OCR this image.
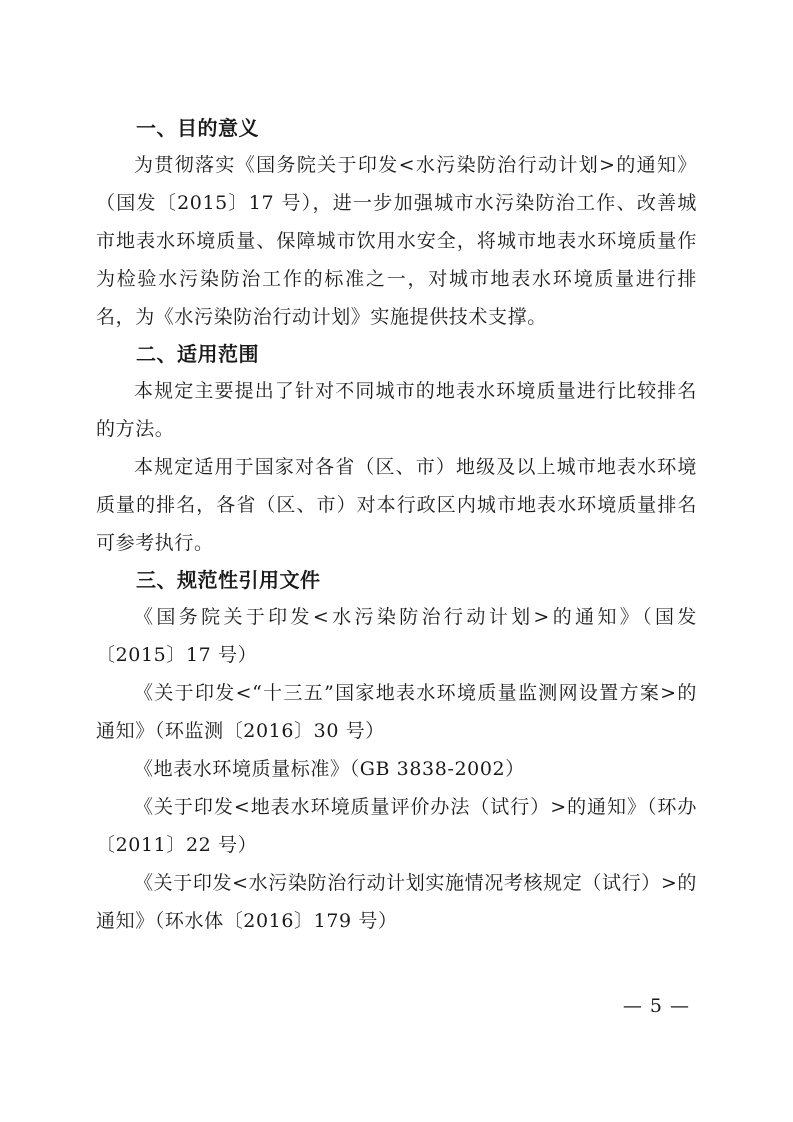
一、目的意义

为贯彻落实《国务院关于印发<水污染防治行动计划>的通知》（国发〔2015〕17 号），进一步加强城市水污染防治工作、改善城市地表水环境质量、保障城市饮用水安全，将城市地表水环境质量作为检验水污染防治工作的标准之一，对城市地表水环境质量进行排名，为《水污染防治行动计划》实施提供技术支撑。

二、适用范围

本规定主要提出了针对不同城市的地表水环境质量进行比较排名的方法。

本规定适用于国家对各省（区、市）地级及以上城市地表水环境质量的排名，各省（区、市）对本行政区内城市地表水环境质量排名可参考执行。

三、规范性引用文件

《国务院关于印发<水污染防治行动计划>的通知》（国发〔2015〕17 号）

《关于印发<“十三五”国家地表水环境质量监测网设置方案>的通知》（环监测〔2016〕30 号）

《地表水环境质量标准》（GB 3838-2002）

《关于印发<地表水环境质量评价办法（试行）>的通知》（环办〔2011〕22 号）

《关于印发<水污染防治行动计划实施情况考核规定（试行）>的通知》（环水体〔2016〕179 号）

— 5 —
